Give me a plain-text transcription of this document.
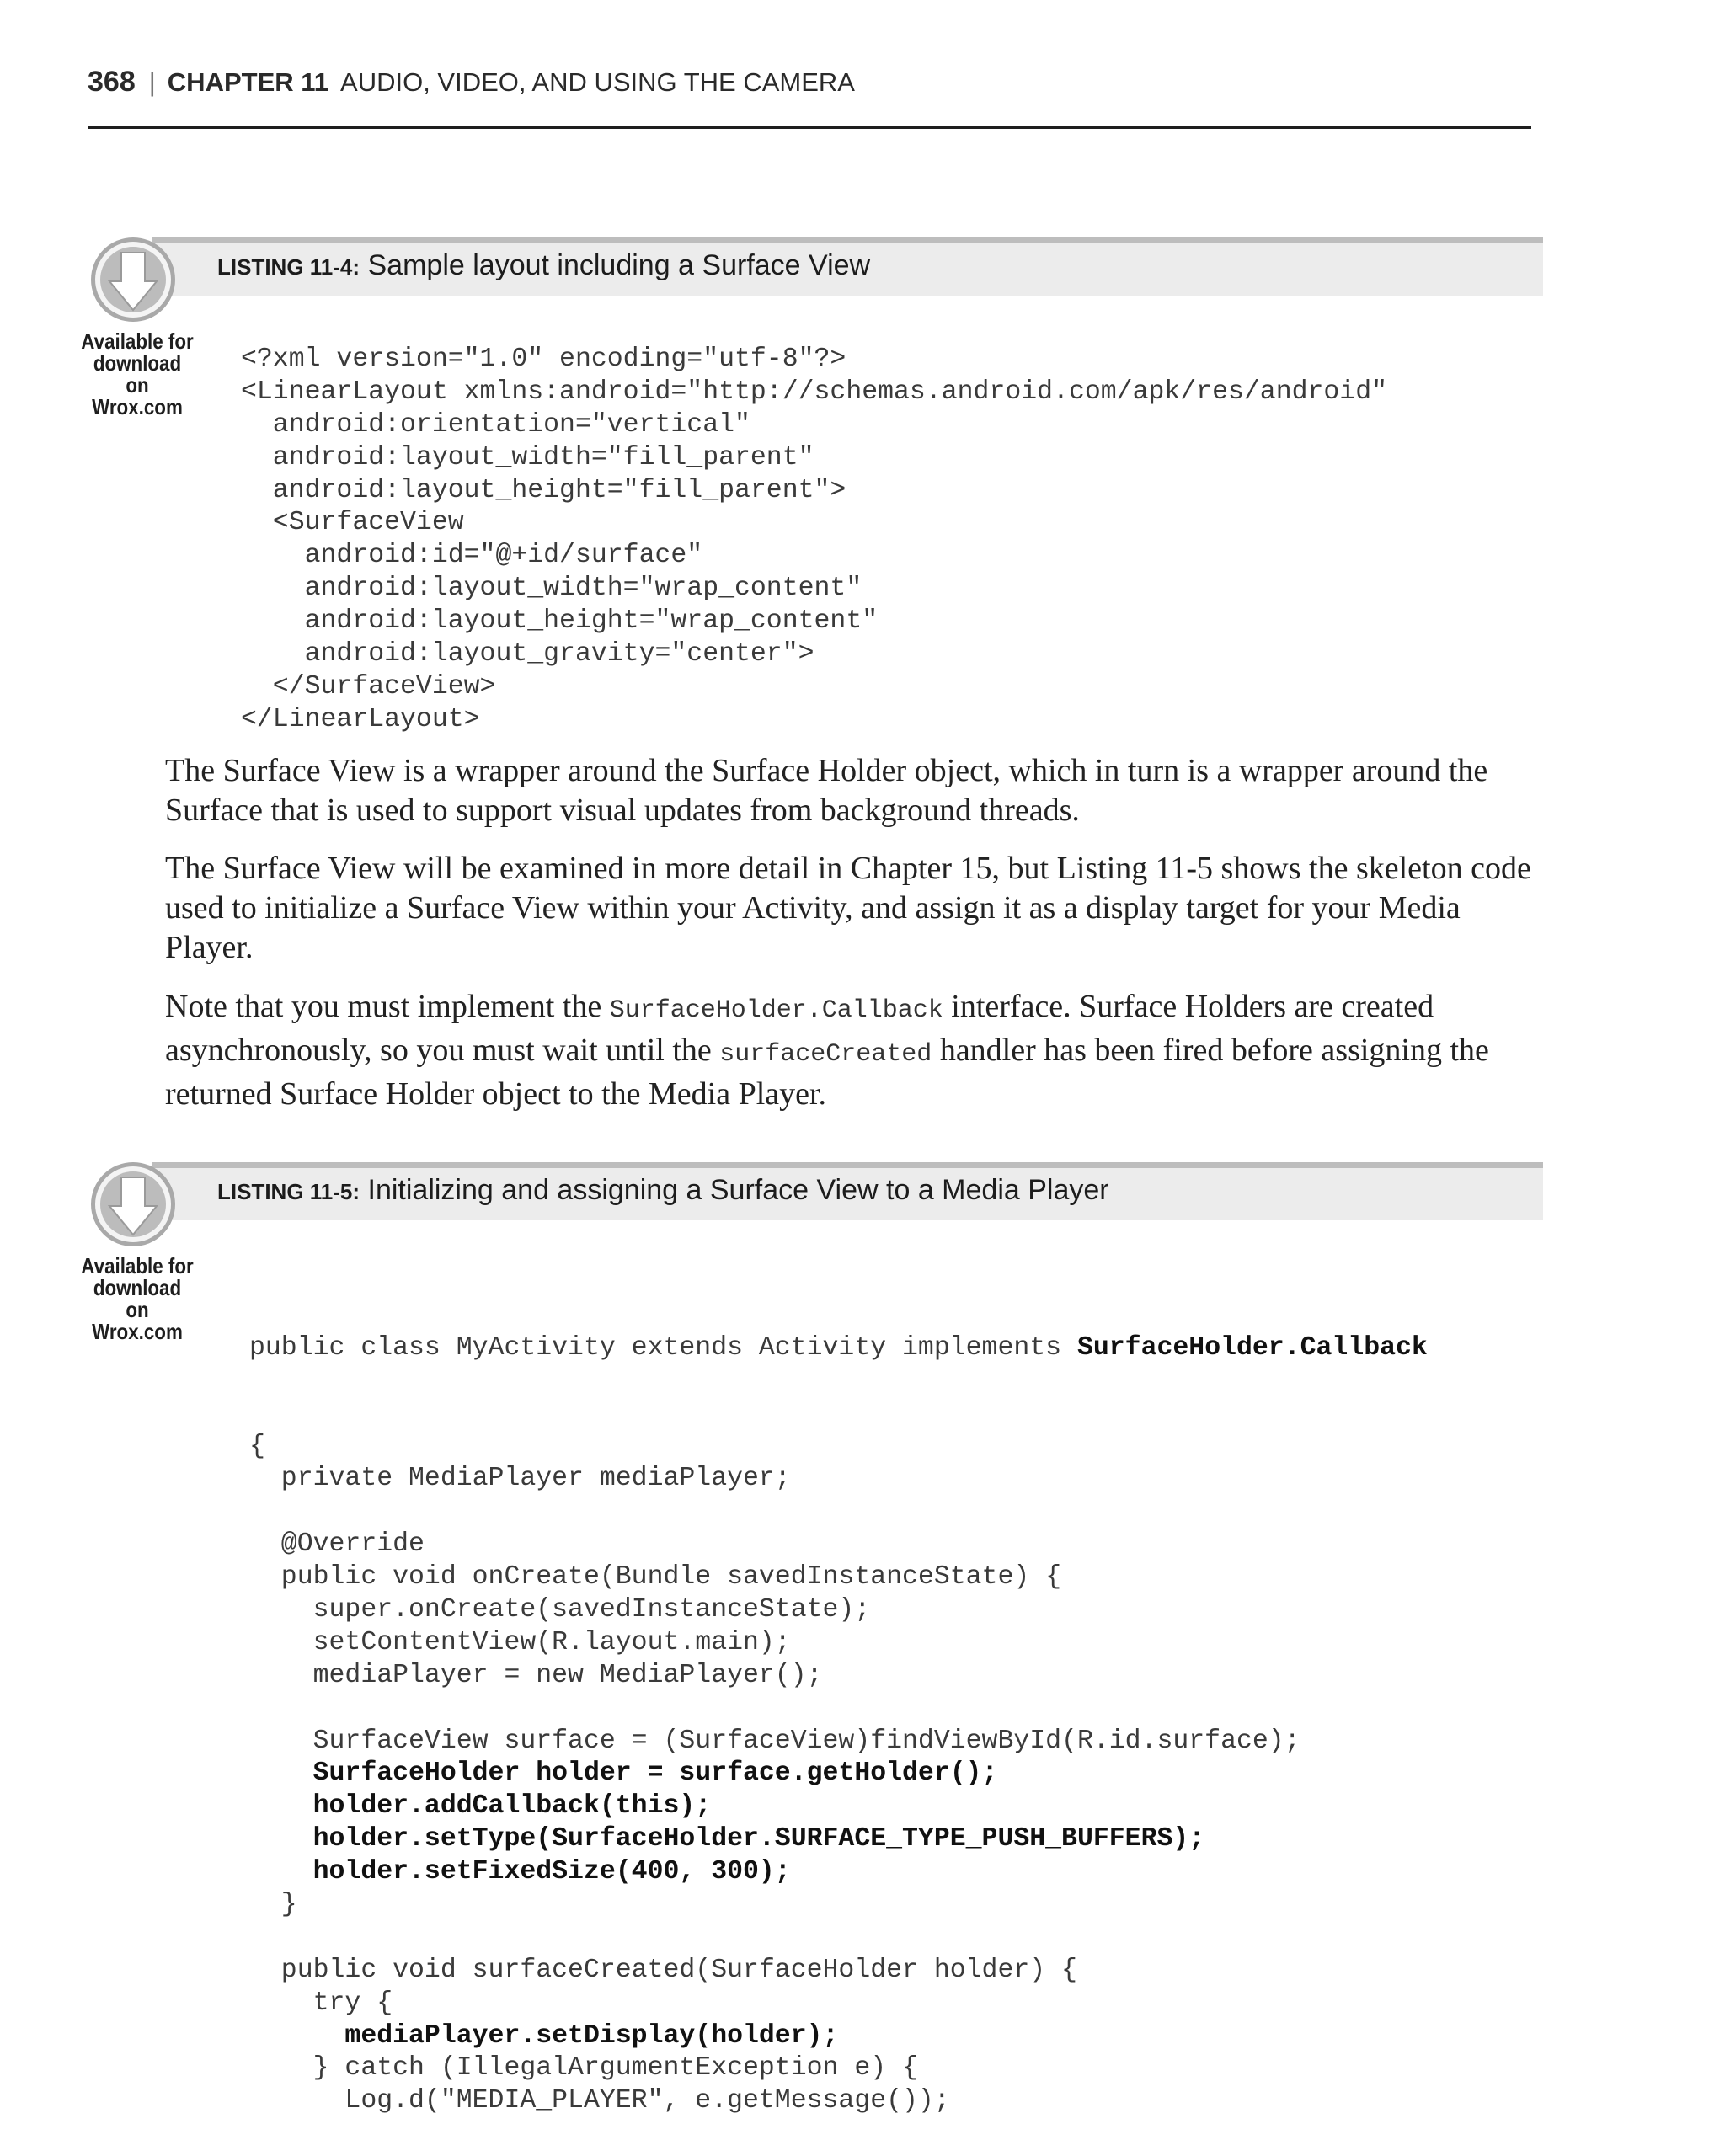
368 | CHAPTER 11 AUDIO, VIDEO, AND USING THE CAMERA
LISTING 11-4: Sample layout including a Surface View
Available for
download on
Wrox.com
<?xml version="1.0" encoding="utf-8"?>
<LinearLayout xmlns:android="http://schemas.android.com/apk/res/android"
android:orientation="vertical"
android:layout_width="fill_parent"
android:layout_height="fill_parent">
<SurfaceView
android:id="@+id/surface"
android:layout_width="wrap_content"
android:layout_height="wrap_content"
android:layout_gravity="center">
</SurfaceView>
</LinearLayout>

The Surface View is a wrapper around the Surface Holder object, which in turn is a wrapper around the Surface that is used to support visual updates from background threads.

The Surface View will be examined in more detail in Chapter 15, but Listing 11-5 shows the skeleton code used to initialize a Surface View within your Activity, and assign it as a display target for your Media Player.

Note that you must implement the SurfaceHolder.Callback interface. Surface Holders are created asynchronously, so you must wait until the surfaceCreated handler has been fired before assigning the returned Surface Holder object to the Media Player.

LISTING 11-5: Initializing and assigning a Surface View to a Media Player
Available for
download on
Wrox.com

public class MyActivity extends Activity implements SurfaceHolder.Callback

{
private MediaPlayer mediaPlayer;
@Override
public void onCreate(Bundle savedInstanceState) {
super.onCreate(savedInstanceState);
setContentView(R.layout.main);
mediaPlayer = new MediaPlayer();
SurfaceView surface = (SurfaceView)findViewById(R.id.surface);
SurfaceHolder holder = surface.getHolder();
holder.addCallback(this);
holder.setType(SurfaceHolder.SURFACE_TYPE_PUSH_BUFFERS);
holder.setFixedSize(400, 300);
}
public void surfaceCreated(SurfaceHolder holder) {
try {
mediaPlayer.setDisplay(holder);
} catch (IllegalArgumentException e) {
Log.d("MEDIA_PLAYER", e.getMessage());
